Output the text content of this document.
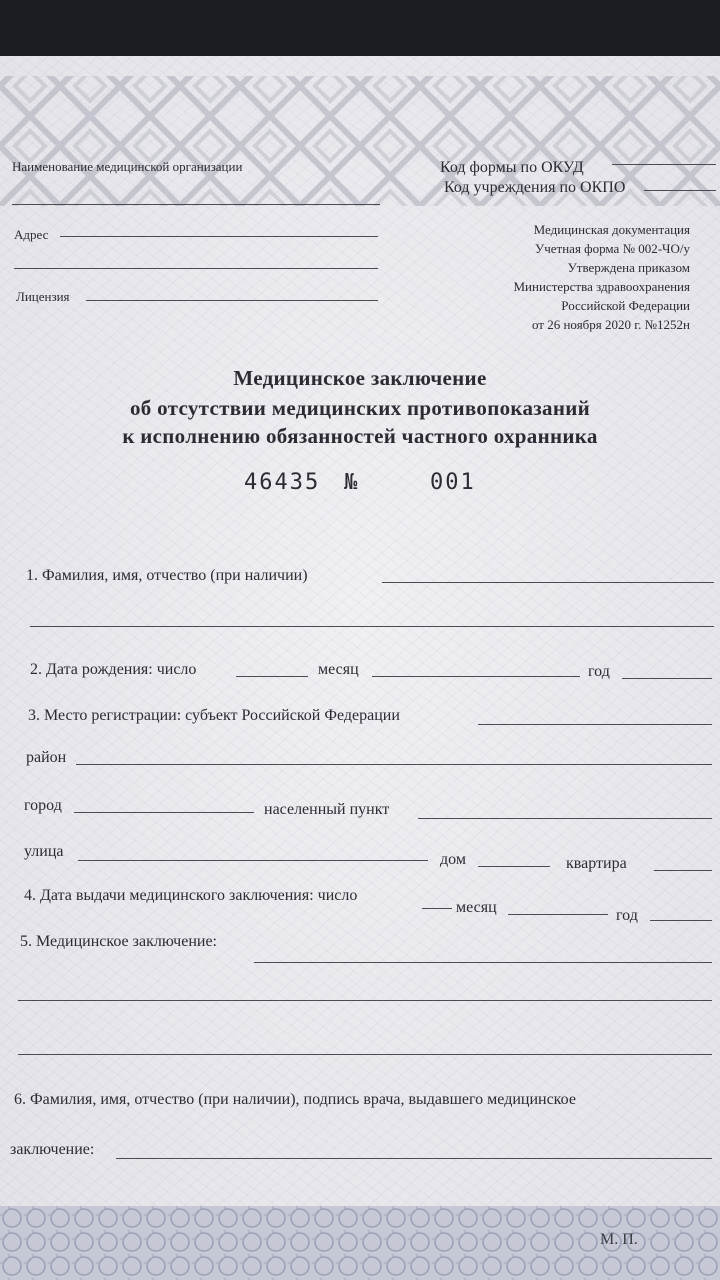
Наименование медицинской организации
Адрес
Лицензия
Код формы по ОКУД
Код учреждения по ОКПО
Медицинская документация
Учетная форма № 002-ЧО/у
Утверждена приказом
Министерства здравоохранения
Российской Федерации
от 26 ноября 2020 г. №1252н
Медицинское заключение
об отсутствии медицинских противопоказаний
к исполнению обязанностей частного охранника
46435 №	001
1. Фамилия, имя, отчество (при наличии)
2. Дата рождения: число	месяц	год
3. Место регистрации: субъект Российской Федерации
район
город	населенный пункт
улица	дом	квартира
4. Дата выдачи медицинского заключения: число
месяц	год
5. Медицинское заключение:
6. Фамилия, имя, отчество (при наличии), подпись врача, выдавшего медицинское
заключение:
М. П.
